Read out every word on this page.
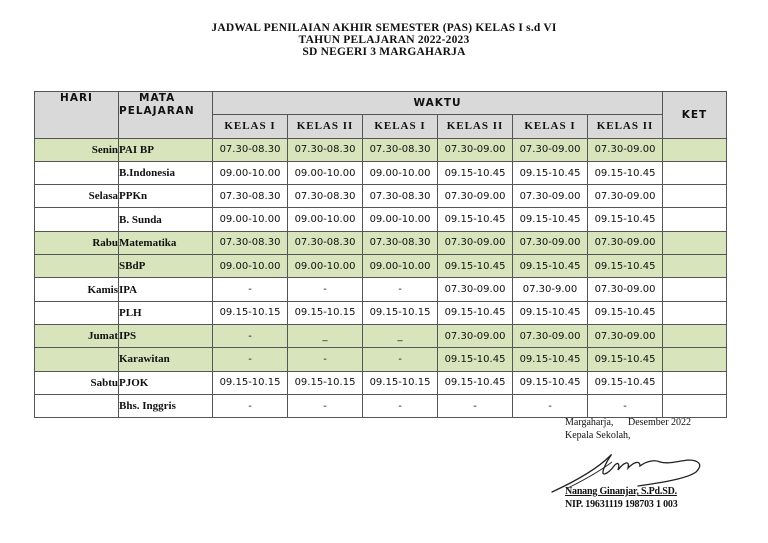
JADWAL PENILAIAN AKHIR SEMESTER (PAS) KELAS I s.d VI
TAHUN PELAJARAN 2022-2023
SD NEGERI 3 MARGAHARJA
HARI	MATA
PELAJARAN	WAKTU						KET
		KELAS I	KELAS II	KELAS I	KELAS II	KELAS I	KELAS II	
Senin	PAI BP	07.30-08.30	07.30-08.30	07.30-08.30	07.30-09.00	07.30-09.00	07.30-09.00	
	B.Indonesia	09.00-10.00	09.00-10.00	09.00-10.00	09.15-10.45	09.15-10.45	09.15-10.45	
Selasa	PPKn	07.30-08.30	07.30-08.30	07.30-08.30	07.30-09.00	07.30-09.00	07.30-09.00	
	B. Sunda	09.00-10.00	09.00-10.00	09.00-10.00	09.15-10.45	09.15-10.45	09.15-10.45	
Rabu	Matematika	07.30-08.30	07.30-08.30	07.30-08.30	07.30-09.00	07.30-09.00	07.30-09.00	
	SBdP	09.00-10.00	09.00-10.00	09.00-10.00	09.15-10.45	09.15-10.45	09.15-10.45	
Kamis	IPA	-	-	-	07.30-09.00	07.30-9.00	07.30-09.00	
	PLH	09.15-10.15	09.15-10.15	09.15-10.15	09.15-10.45	09.15-10.45	09.15-10.45	
Jumat	IPS	-	_	_	07.30-09.00	07.30-09.00	07.30-09.00	
	Karawitan	-	-	-	09.15-10.45	09.15-10.45	09.15-10.45	
Sabtu	PJOK	09.15-10.15	09.15-10.15	09.15-10.15	09.15-10.45	09.15-10.45	09.15-10.45	
	Bhs. Inggris	-	-	-	-	-	-	
Margaharja, Desember 2022
Kepala Sekolah,
Nanang Ginanjar, S.Pd.SD.
NIP. 19631119 198703 1 003
